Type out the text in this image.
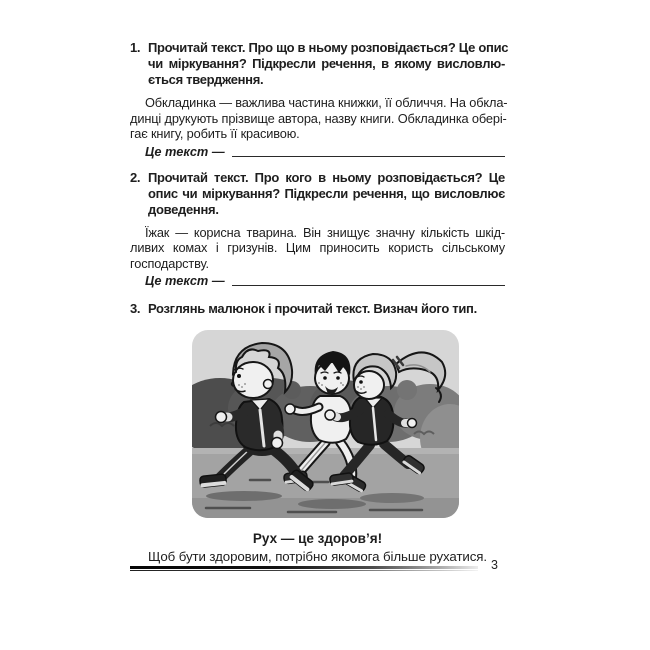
1. Прочитай текст. Про що в ньому розповідається? Це опис
чи міркування? Підкресли речення, в якому висловлю-
ється твердження.
Обкладинка — важлива частина книжки, її обличчя. На обкла-
динці друкують прізвище автора, назву книги. Обкладинка обері-
гає книгу, робить її красивою.
Це текст —
2. Прочитай текст. Про кого в ньому розповідається? Це
опис чи міркування? Підкресли речення, що висловлює
доведення.
Їжак — корисна тварина. Він знищує значну кількість шкід-
ливих комах і гризунів. Цим приносить користь сільському
господарству.
Це текст —
3. Розглянь малюнок і прочитай текст. Визнач його тип.
Рух — це здоров’я!
Щоб бути здоровим, потрібно якомога більше рухатися.
3
